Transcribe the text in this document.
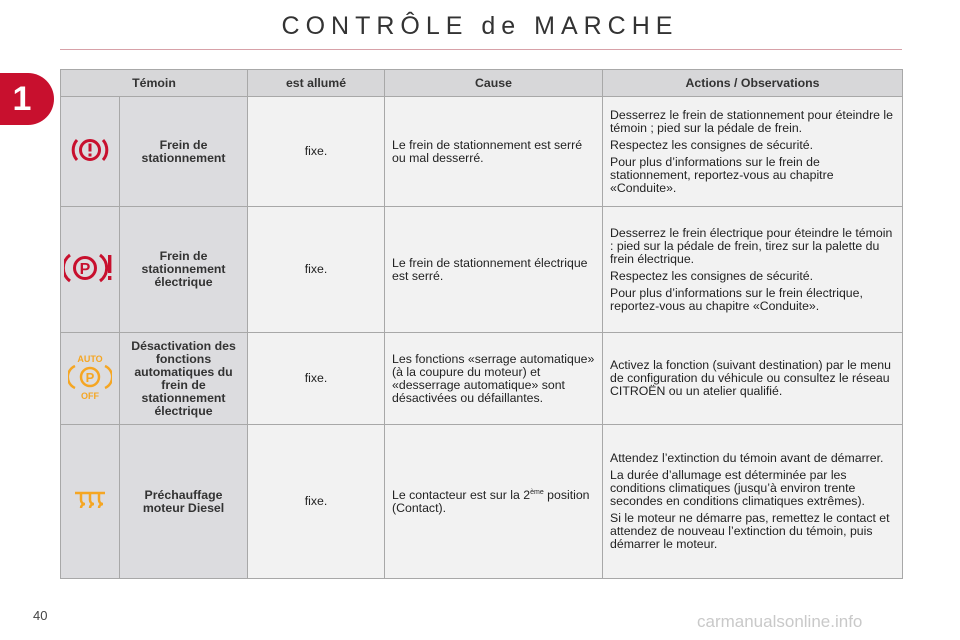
CONTRÔLE de MARCHE
1	Témoin		est allumé	Cause	Actions / Observations
	Frein de stationnement	fixe.	Le frein de stationnement est serré ou mal desserré.	Desserrez le frein de stationnement pour éteindre le témoin ; pied sur la pédale de frein.

Respectez les consignes de sécurité.

Pour plus d’informations sur le frein de stationnement, reportez-vous au chapitre «Conduite».

P	Frein de stationnement électrique	fixe.	Le frein de stationnement électrique est serré.	Desserrez le frein électrique pour éteindre le témoin : pied sur la pédale de frein, tirez sur la palette du frein électrique.

Respectez les consignes de sécurité.

Pour plus d’informations sur le frein électrique, reportez-vous au chapitre «Conduite».

AUTO
P
OFF	Désactivation des fonctions automatiques du frein de stationnement électrique	fixe.	Les fonctions «serrage automatique» (à la coupure du moteur) et «desserrage automatique» sont désactivées ou défaillantes.	Activez la fonction (suivant destination) par le menu de configuration du véhicule ou consultez le réseau CITROËN ou un atelier qualifié.

	Préchauffage moteur Diesel	fixe.	Le contacteur est sur la 2ème position (Contact).	Attendez l’extinction du témoin avant de démarrer.

La durée d’allumage est déterminée par les conditions climatiques (jusqu’à environ trente secondes en conditions climatiques extrêmes).

Si le moteur ne démarre pas, remettez le contact et attendez de nouveau l’extinction du témoin, puis démarrer le moteur.

40	carmanualsonline.info
